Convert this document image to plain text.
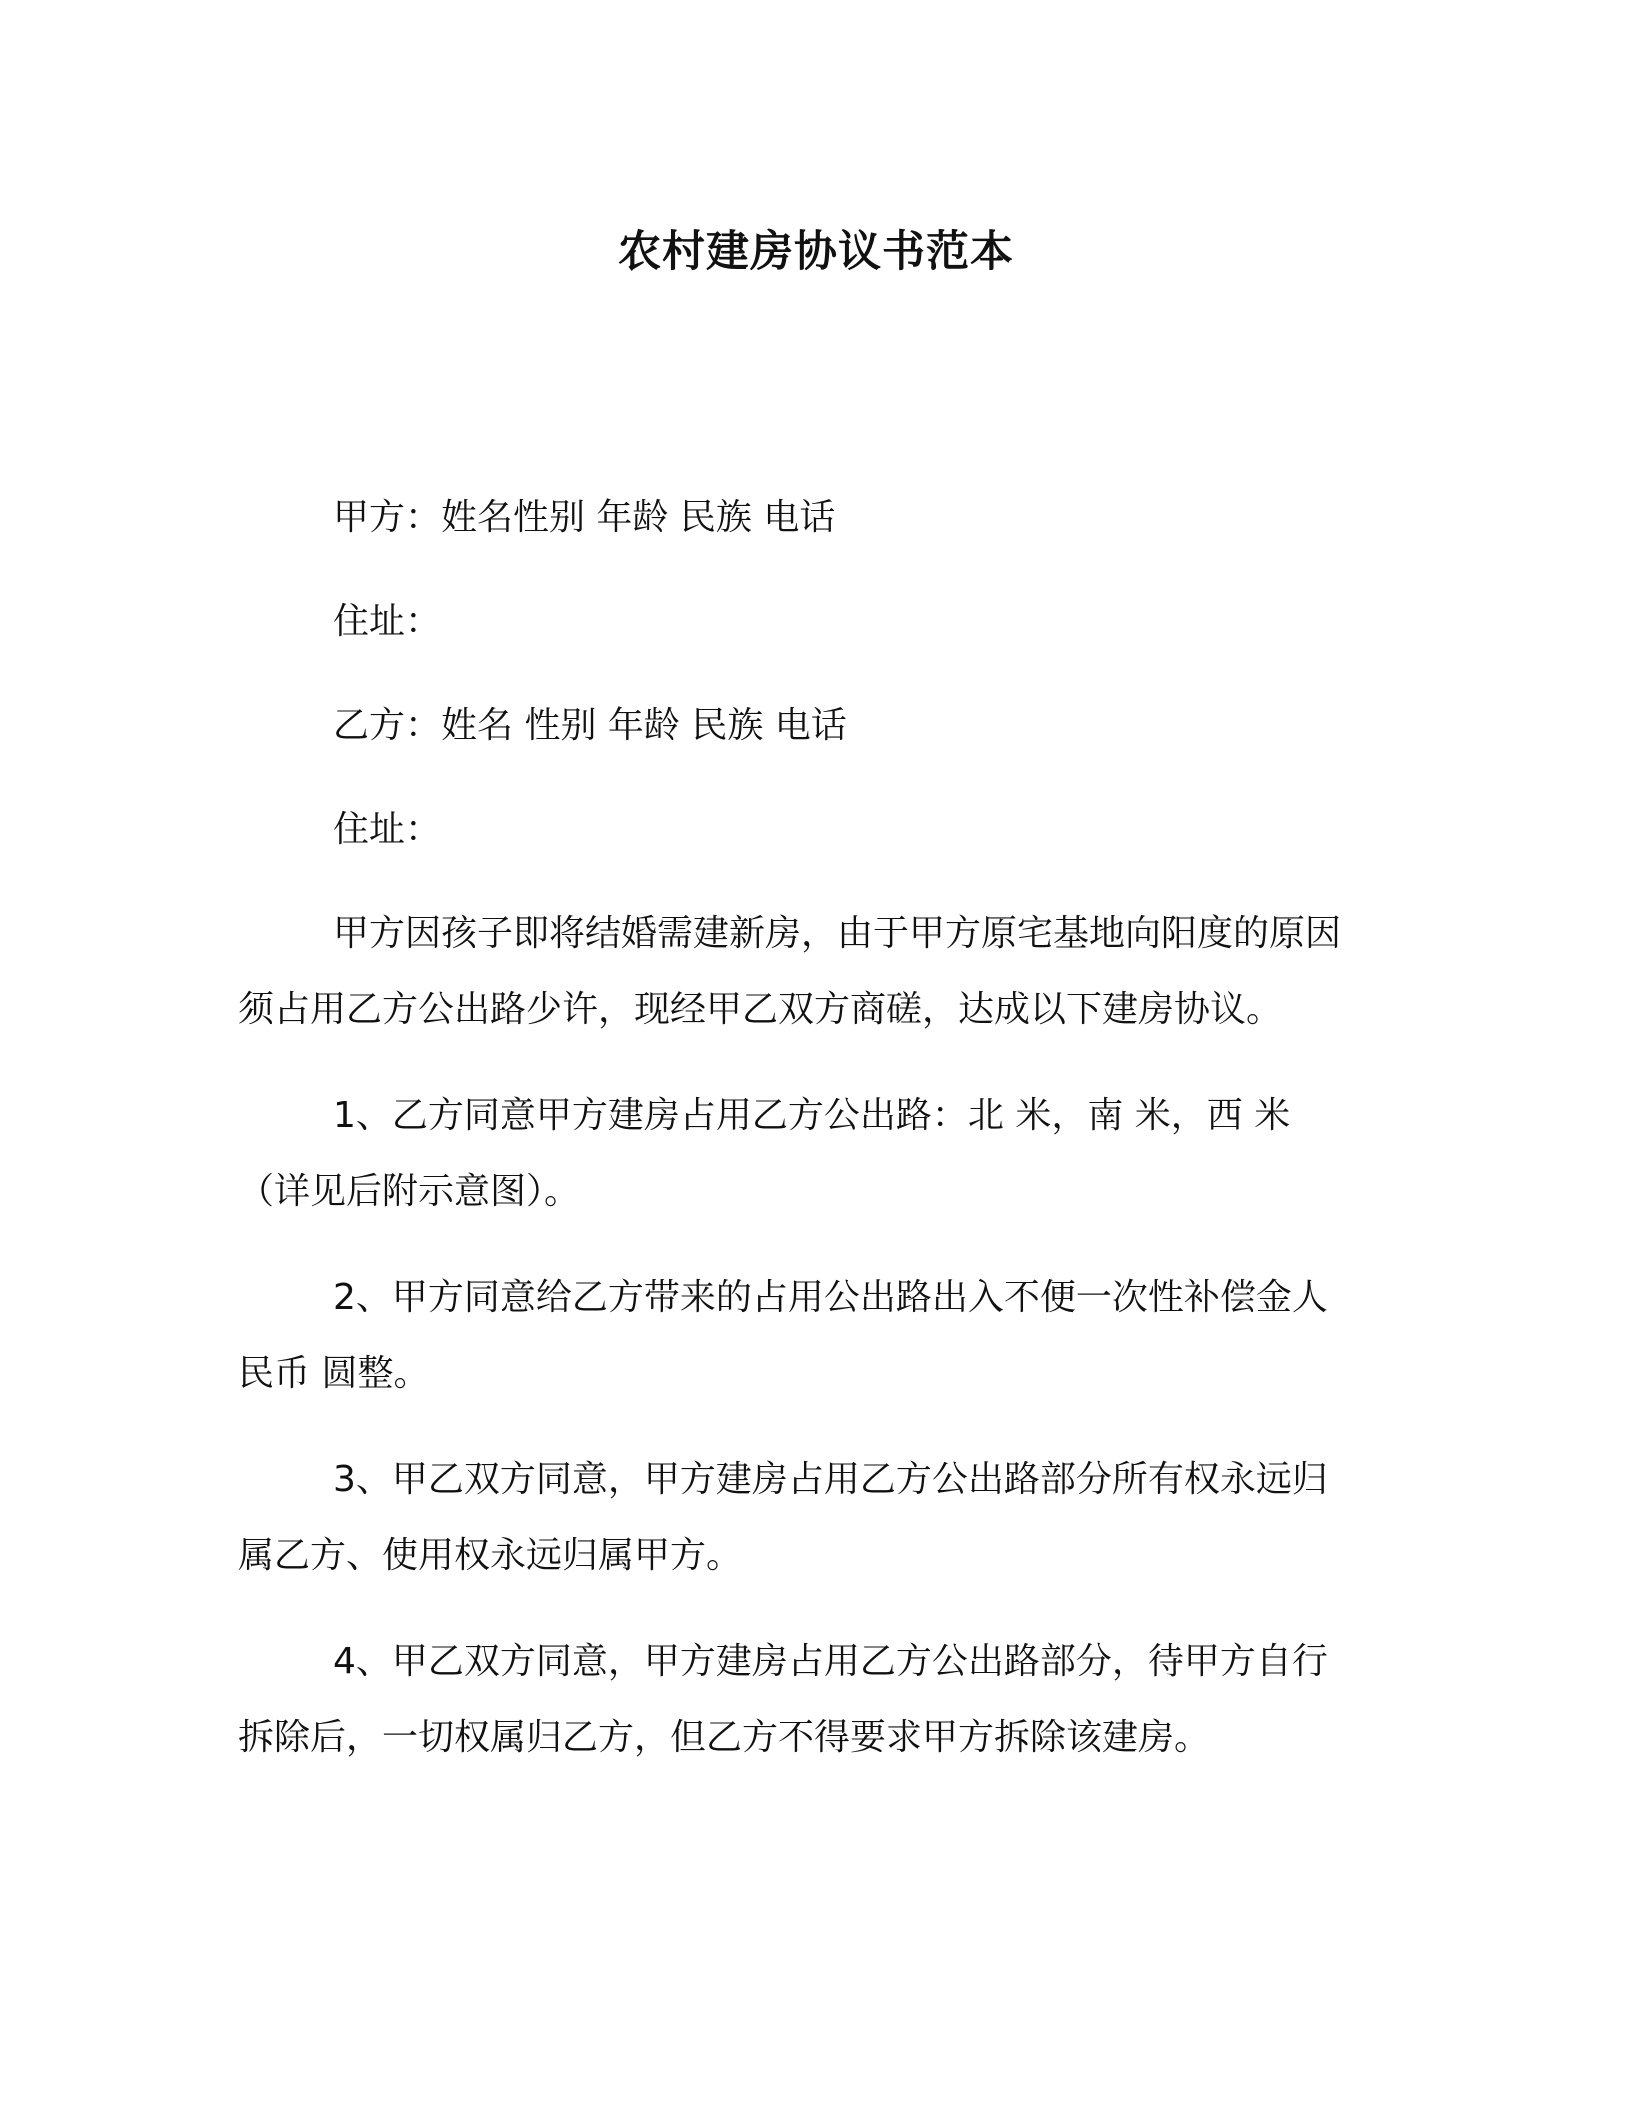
农村建房协议书范本

甲方：姓名性别 年龄 民族 电话

住址：

乙方：姓名 性别 年龄 民族 电话

住址：

甲方因孩子即将结婚需建新房，由于甲方原宅基地向阳度的原因

须占用乙方公出路少许，现经甲乙双方商磋，达成以下建房协议。

1、乙方同意甲方建房占用乙方公出路：北 米，南 米，西 米

（详见后附示意图）。

2、甲方同意给乙方带来的占用公出路出入不便一次性补偿金人

民币 圆整。

3、甲乙双方同意，甲方建房占用乙方公出路部分所有权永远归

属乙方、使用权永远归属甲方。

4、甲乙双方同意，甲方建房占用乙方公出路部分，待甲方自行

拆除后，一切权属归乙方，但乙方不得要求甲方拆除该建房。
